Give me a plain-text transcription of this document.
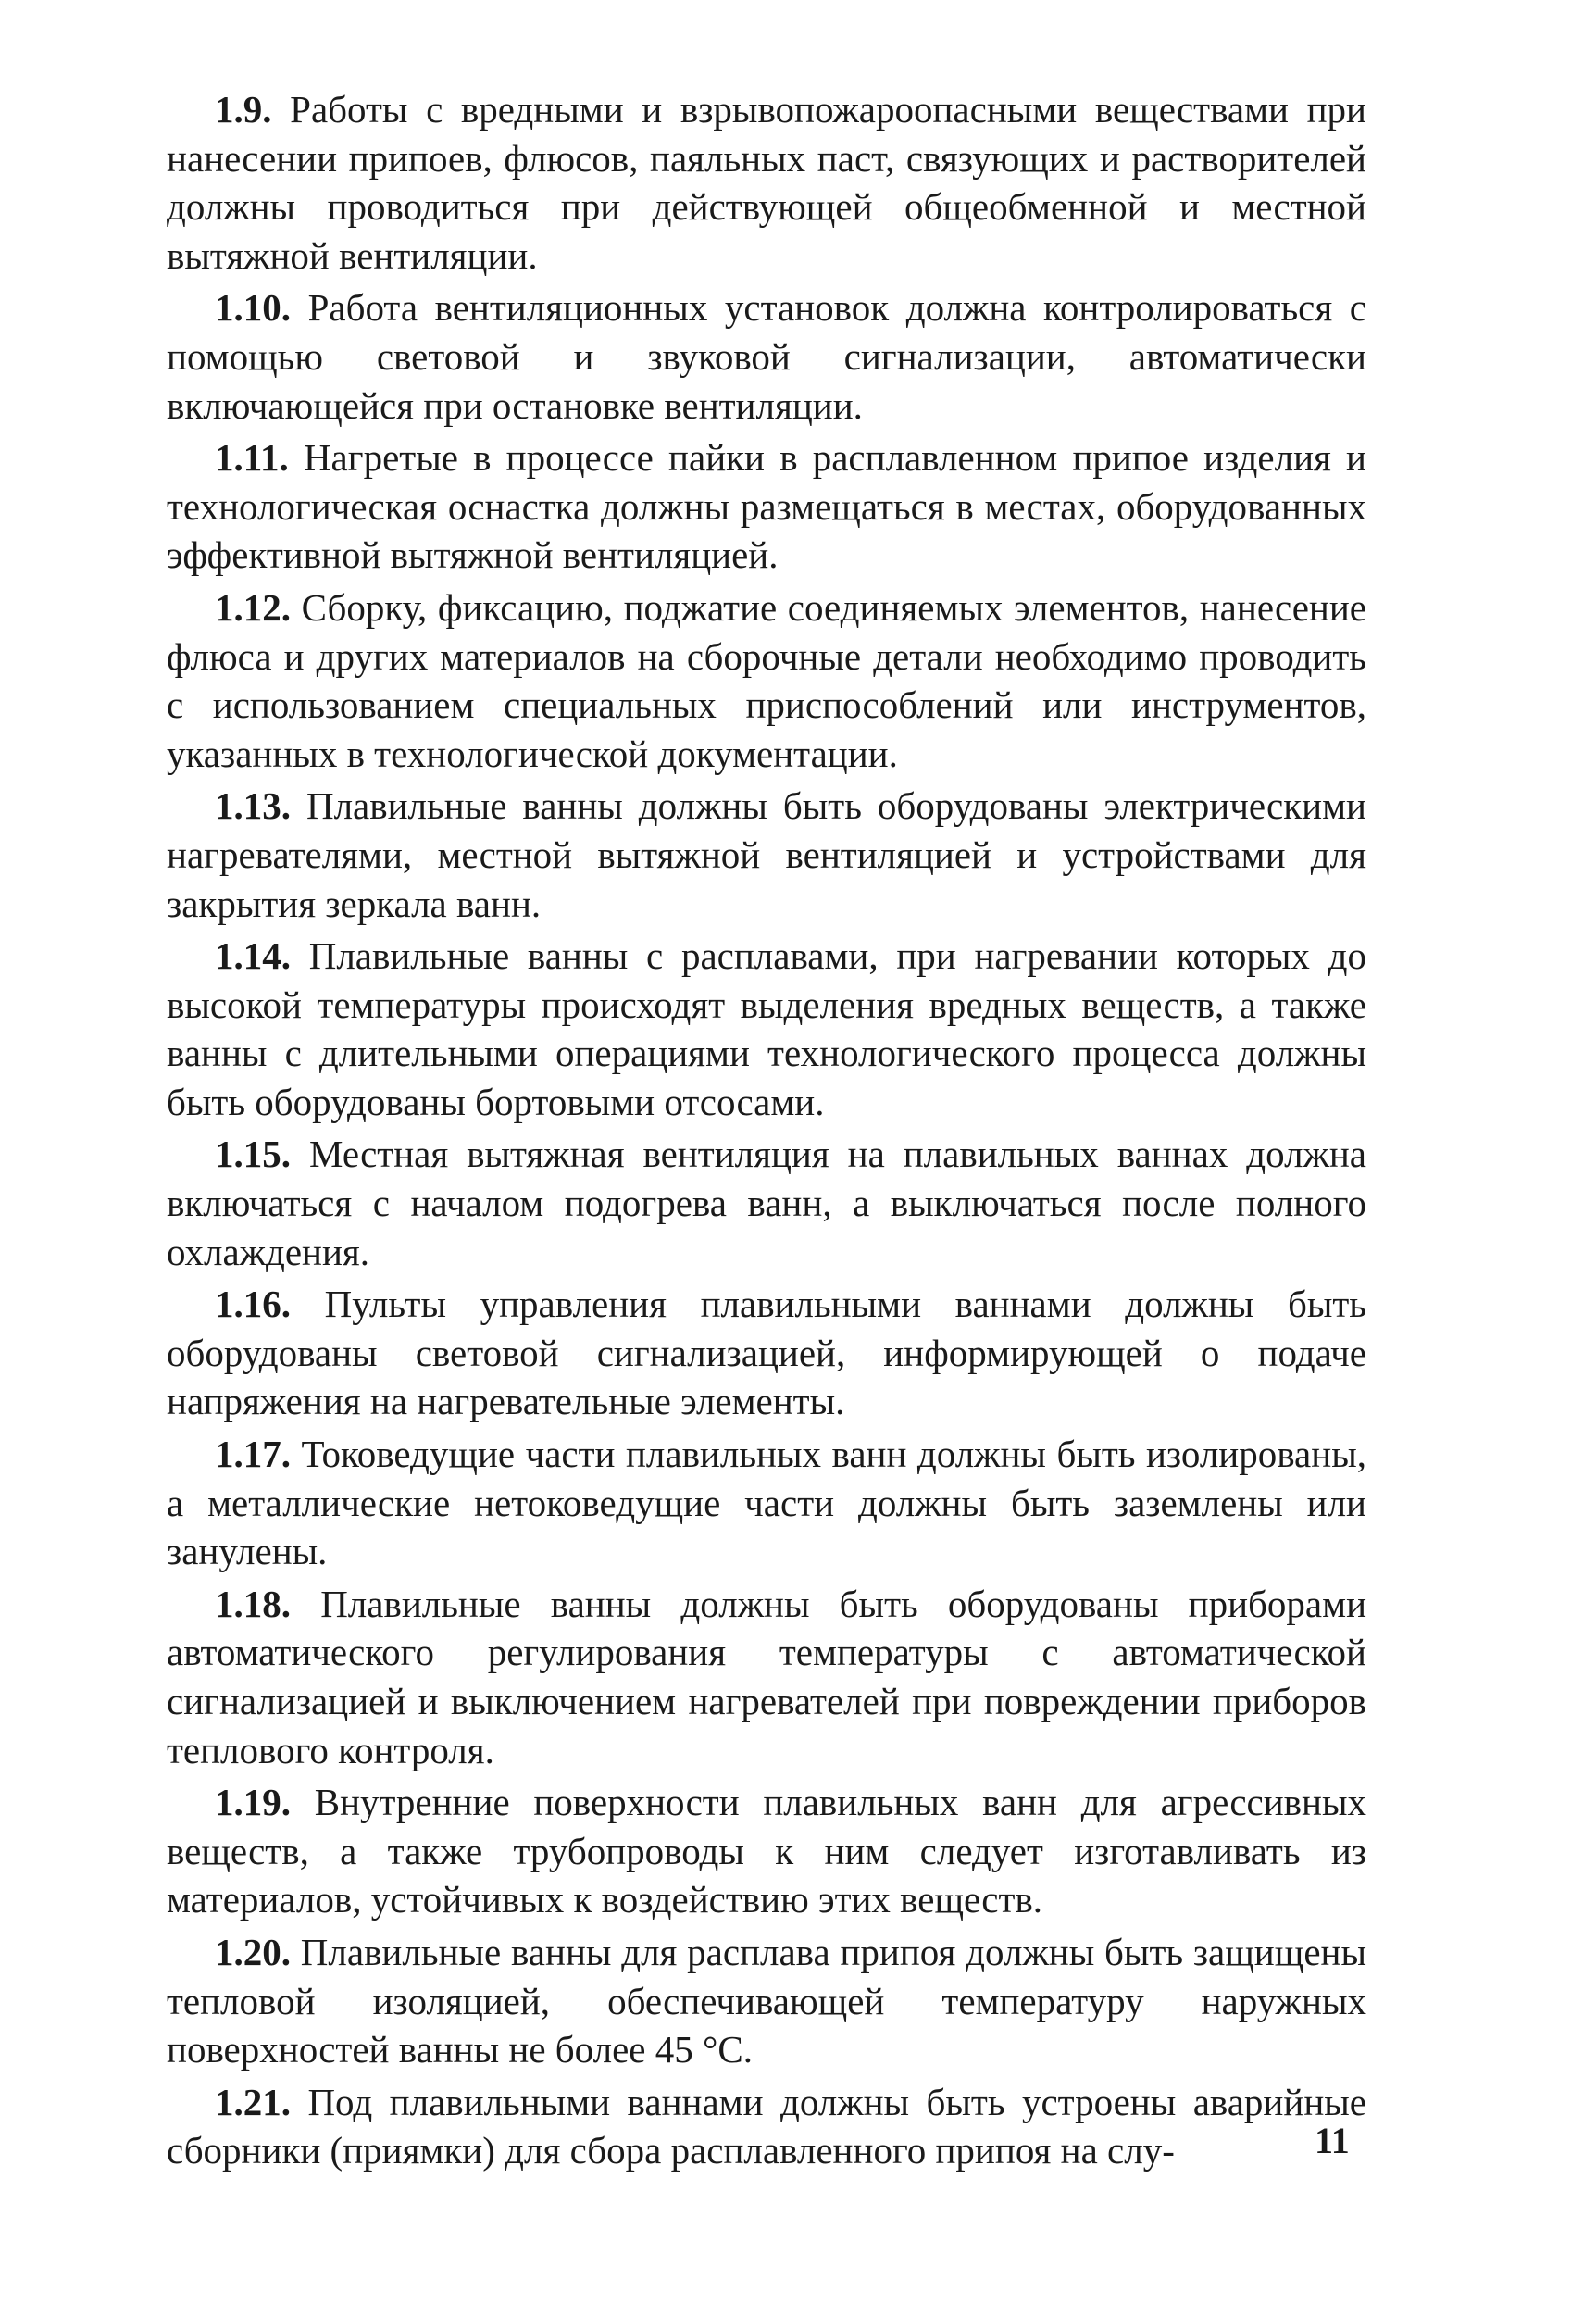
1.9. Работы с вредными и взрывопожароопасными веществами при нанесении припоев, флюсов, паяльных паст, связующих и растворителей должны проводиться при действующей общеобменной и местной вытяжной вентиляции.

1.10. Работа вентиляционных установок должна контролироваться с помощью световой и звуковой сигнализации, автоматически включающейся при остановке вентиляции.

1.11. Нагретые в процессе пайки в расплавленном припое изделия и технологическая оснастка должны размещаться в местах, оборудованных эффективной вытяжной вентиляцией.

1.12. Сборку, фиксацию, поджатие соединяемых элементов, нанесение флюса и других материалов на сборочные детали необходимо проводить с использованием специальных приспособлений или инструментов, указанных в технологической документации.

1.13. Плавильные ванны должны быть оборудованы электрическими нагревателями, местной вытяжной вентиляцией и устройствами для закрытия зеркала ванн.

1.14. Плавильные ванны с расплавами, при нагревании которых до высокой температуры происходят выделения вредных веществ, а также ванны с длительными операциями технологического процесса должны быть оборудованы бортовыми отсосами.

1.15. Местная вытяжная вентиляция на плавильных ваннах должна включаться с началом подогрева ванн, а выключаться после полного охлаждения.

1.16. Пульты управления плавильными ваннами должны быть оборудованы световой сигнализацией, информирующей о подаче напряжения на нагревательные элементы.

1.17. Токоведущие части плавильных ванн должны быть изолированы, а металлические нетоковедущие части должны быть заземлены или занулены.

1.18. Плавильные ванны должны быть оборудованы приборами автоматического регулирования температуры с автоматической сигнализацией и выключением нагревателей при повреждении приборов теплового контроля.

1.19. Внутренние поверхности плавильных ванн для агрессивных веществ, а также трубопроводы к ним следует изготавливать из материалов, устойчивых к воздействию этих веществ.

1.20. Плавильные ванны для расплава припоя должны быть защищены тепловой изоляцией, обеспечивающей температуру наружных поверхностей ванны не более 45 °С.

1.21. Под плавильными ваннами должны быть устроены аварийные сборники (приямки) для сбора расплавленного припоя на слу-	11
